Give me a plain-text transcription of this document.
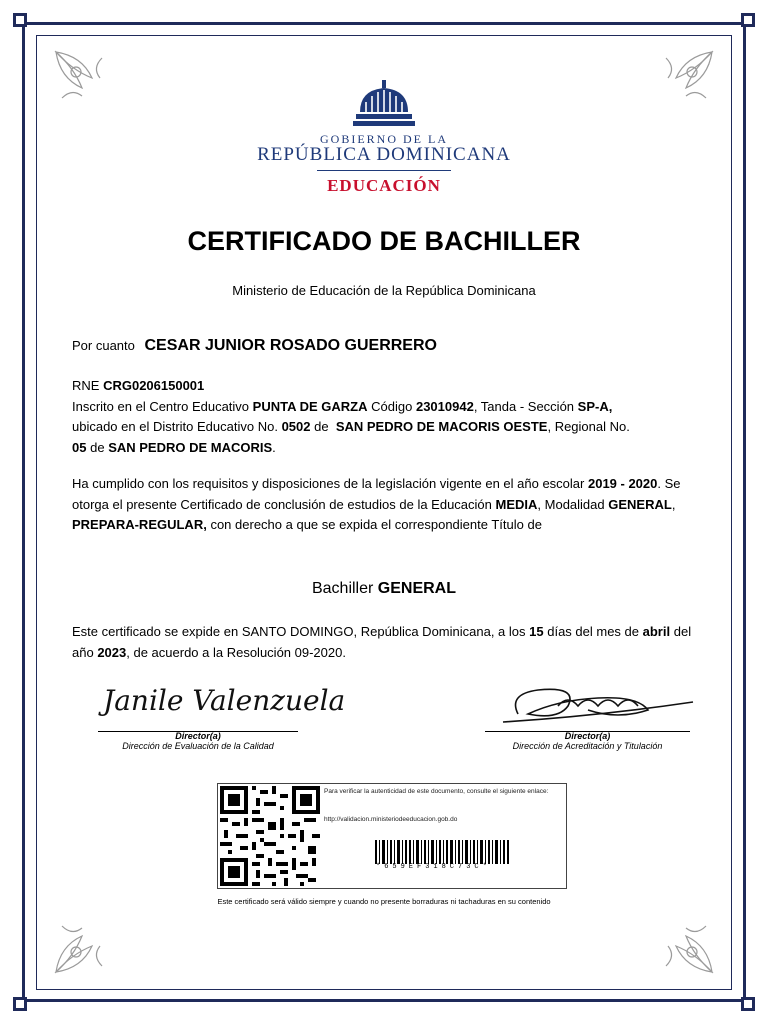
GOBIERNO DE LA
REPÚBLICA DOMINICANA
EDUCACIÓN
CERTIFICADO DE BACHILLER
Ministerio de Educación de la República Dominicana
Por cuanto CESAR JUNIOR ROSADO GUERRERO
RNE CRG0206150001
Inscrito en el Centro Educativo PUNTA DE GARZA Código 23010942, Tanda - Sección SP-A,
ubicado en el Distrito Educativo No. 0502 de SAN PEDRO DE MACORIS OESTE, Regional No.
05 de SAN PEDRO DE MACORIS.
Ha cumplido con los requisitos y disposiciones de la legislación vigente en el año escolar 2019 - 2020. Se otorga el presente Certificado de conclusión de estudios de la Educación MEDIA, Modalidad GENERAL, PREPARA-REGULAR, con derecho a que se expida el correspondiente Título de
Bachiller GENERAL
Este certificado se expide en SANTO DOMINGO, República Dominicana, a los 15 días del mes de abril del año 2023, de acuerdo a la Resolución 09-2020.
Janile Valenzuela
Director(a)
Dirección de Evaluación de la Calidad
Director(a)
Dirección de Acreditación y Titulación
Para verificar la autenticidad de este documento, consulte el siguiente enlace:
http://validacion.ministeriodeeducacion.gob.do
*659EF318C73C*
Este certificado será válido siempre y cuando no presente borraduras ni tachaduras en su contenido
